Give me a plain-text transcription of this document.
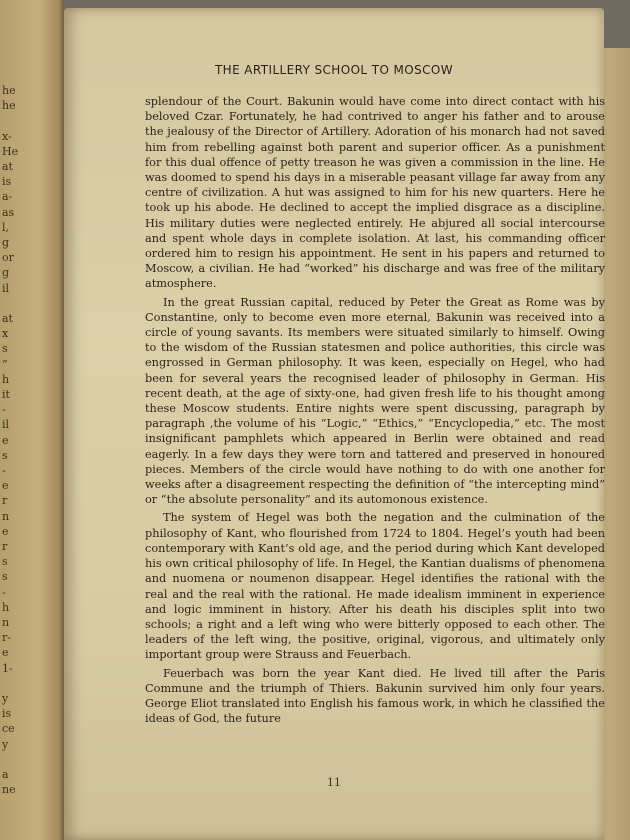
he
he
x-
He
at
is
a-
as
l,
g
or
g
il
at
x
s
”
h
it
-
il
e
s
-
e
r
n
e
r
s
s
-
h
n
r-
e
1-
y
is
ce
y
a
ne
THE ARTILLERY SCHOOL TO MOSCOW

splendour of the Court. Bakunin would have come into direct contact with his beloved Czar. Fortunately, he had contrived to anger his father and to arouse the jealousy of the Director of Artillery. Adoration of his monarch had not saved him from rebelling against both parent and superior officer. As a punishment for this dual offence of petty treason he was given a commission in the line. He was doomed to spend his days in a miserable peasant village far away from any centre of civilization. A hut was assigned to him for his new quarters. Here he took up his abode. He declined to accept the implied disgrace as a discipline. His military duties were neglected entirely. He abjured all social intercourse and spent whole days in complete isolation. At last, his commanding officer ordered him to resign his appointment. He sent in his papers and returned to Moscow, a civilian. He had “worked” his discharge and was free of the military atmosphere.

In the great Russian capital, reduced by Peter the Great as Rome was by Constantine, only to become even more eternal, Bakunin was received into a circle of young savants. Its members were situated similarly to himself. Owing to the wisdom of the Russian statesmen and police authorities, this circle was engrossed in German philosophy. It was keen, especially on Hegel, who had been for several years the recognised leader of philosophy in German. His recent death, at the age of sixty-one, had given fresh life to his thought among these Moscow students. Entire nights were spent discussing, paragraph by paragraph ,the volume of his “Logic,” “Ethics,” “Encyclopedia,” etc. The most insignificant pamphlets which appeared in Berlin were obtained and read eagerly. In a few days they were torn and tattered and preserved in honoured pieces. Members of the circle would have nothing to do with one another for weeks after a disagreement respecting the definition of “the intercepting mind” or “the absolute personality” and its automonous existence.

The system of Hegel was both the negation and the culmination of the philosophy of Kant, who flourished from 1724 to 1804. Hegel’s youth had been contemporary with Kant’s old age, and the period during which Kant developed his own critical philosophy of life. In Hegel, the Kantian dualisms of phenomena and nuomena or noumenon disappear. Hegel identifies the rational with the real and the real with the rational. He made idealism imminent in experience and logic imminent in history. After his death his disciples split into two schools; a right and a left wing who were bitterly opposed to each other. The leaders of the left wing, the positive, original, vigorous, and ultimately only important group were Strauss and Feuerbach.

Feuerbach was born the year Kant died. He lived till after the Paris Commune and the triumph of Thiers. Bakunin survived him only four years. George Eliot translated into English his famous work, in which he classified the ideas of God, the future

11
